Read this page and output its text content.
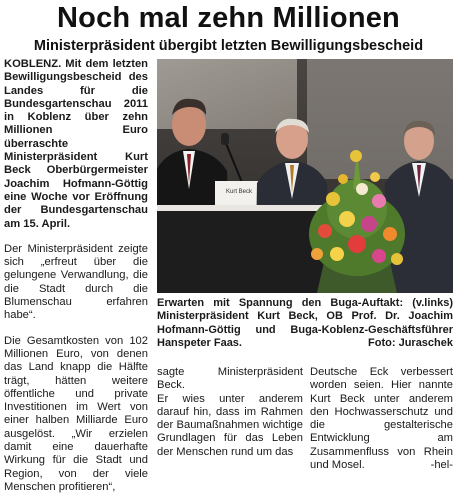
Noch mal zehn Millionen
Ministerpräsident übergibt letzten Bewilligungsbescheid

KOBLENZ. Mit dem letzten Bewilligungsbescheid des Landes für die Bundesgartenschau 2011 in Koblenz über zehn Millionen Euro überraschte Ministerpräsident Kurt Beck Oberbürgermeister Joachim Hofmann-Göttig eine Woche vor Eröffnung der Bundesgartenschau am 15. April.

Der Ministerpräsident zeigte sich „erfreut über die gelungene Verwandlung, die die Stadt durch die Blumenschau erfahren habe“.

Die Gesamtkosten von 102 Millionen Euro, von denen das Land knapp die Hälfte trägt, hätten weitere öffentliche und private Investitionen im Wert von einer halben Milliarde Euro ausgelöst. „Wir erzielen damit eine dauerhafte Wirkung für die Stadt und Region, von der viele Menschen profitieren“,

Kurt Beck
Erwarten mit Spannung den Buga-Auftakt: (v.links) Ministerpräsident Kurt Beck, OB Prof. Dr. Joachim Hofmann-Göttig und Buga-Koblenz-Geschäftsführer Hanspeter Faas.	Foto: Juraschek

sagte Ministerpräsident Beck.

Er wies unter anderem darauf hin, dass im Rahmen der Baumaßnahmen wichtige Grundlagen für das Leben der Menschen rund um das

Deutsche Eck verbessert worden seien. Hier nannte Kurt Beck unter anderem den Hochwasserschutz und die gestalterische Entwicklung am Zusammenfluss von Rhein und Mosel.	-hel-
